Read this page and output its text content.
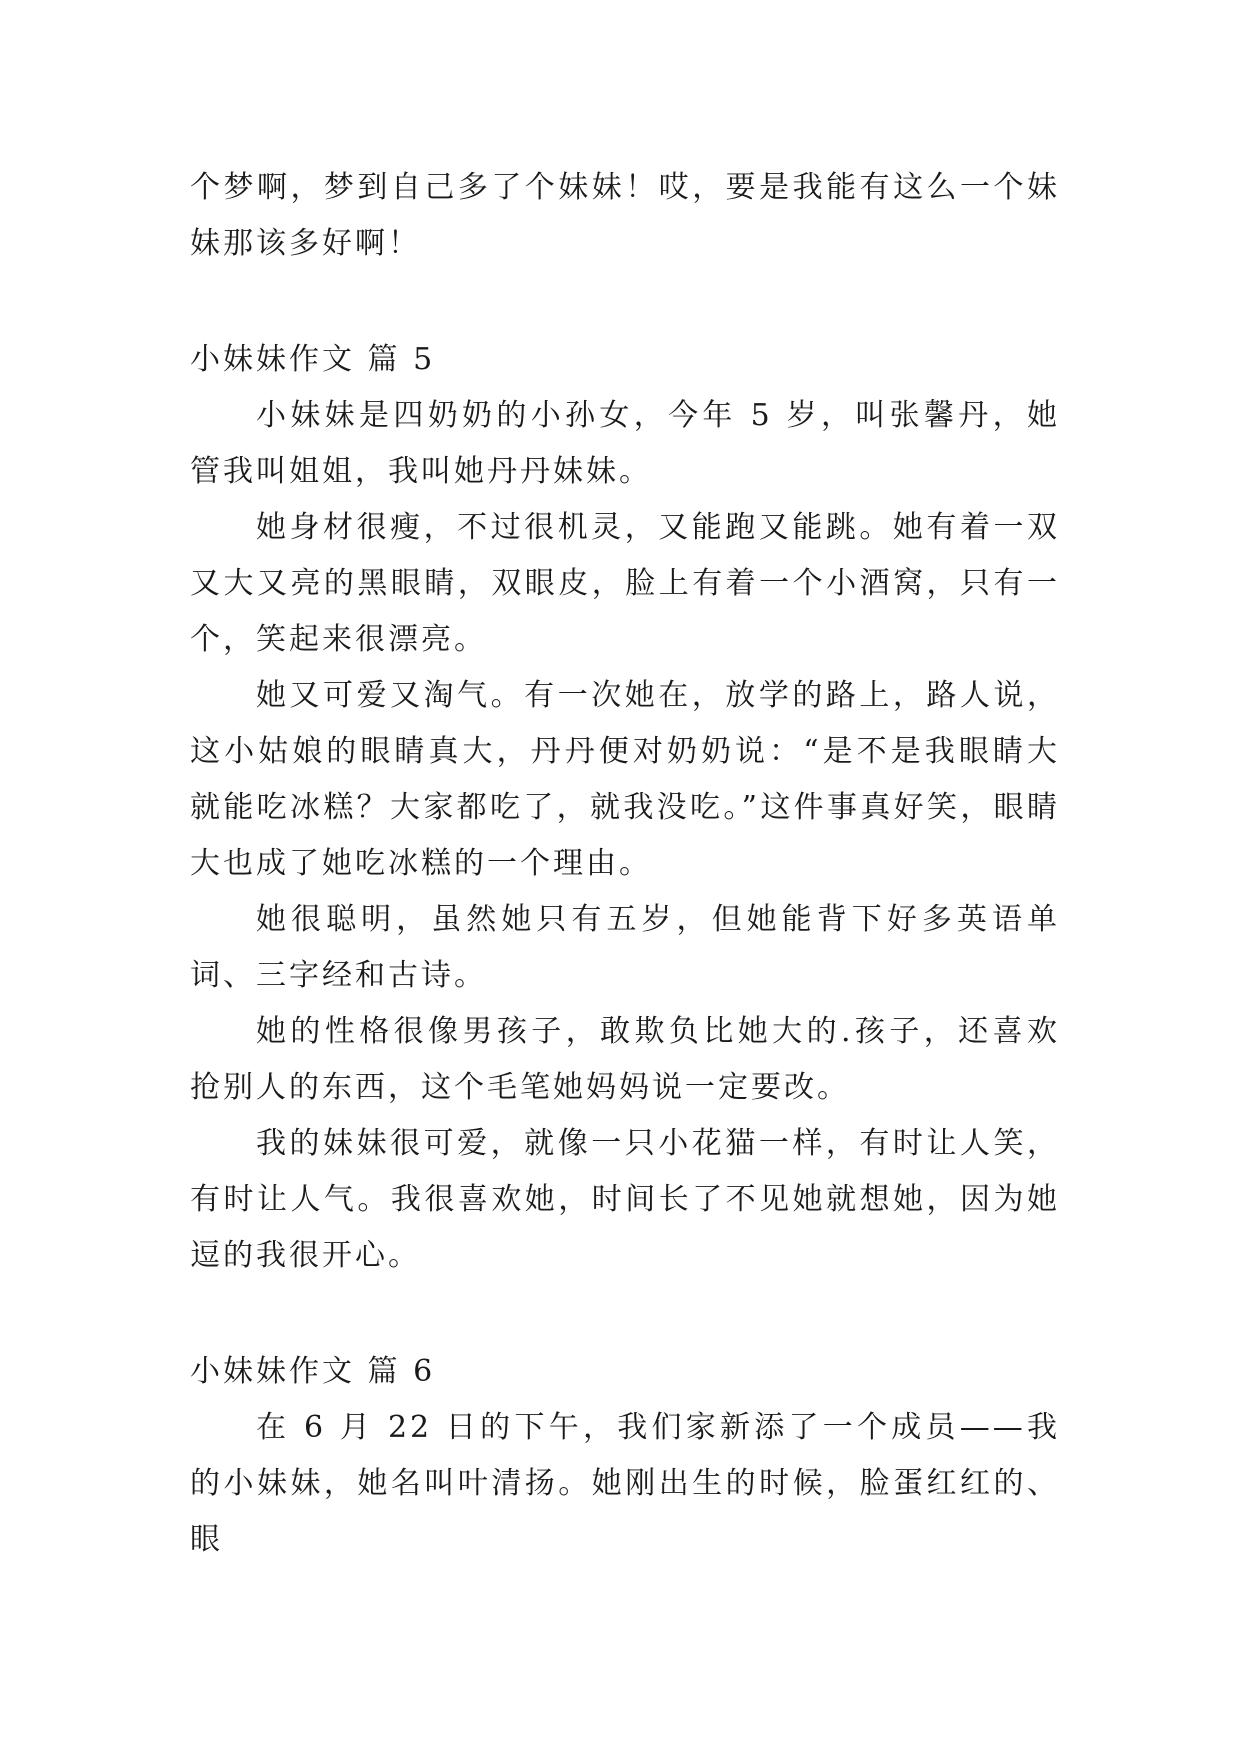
个梦啊，梦到自己多了个妹妹！哎，要是我能有这么一个妹妹那该多好啊！

小妹妹作文 篇 5

小妹妹是四奶奶的小孙女，今年 5 岁，叫张馨丹，她管我叫姐姐，我叫她丹丹妹妹。

她身材很瘦，不过很机灵，又能跑又能跳。她有着一双又大又亮的黑眼睛，双眼皮，脸上有着一个小酒窝，只有一个，笑起来很漂亮。

她又可爱又淘气。有一次她在，放学的路上，路人说，这小姑娘的眼睛真大，丹丹便对奶奶说：“是不是我眼睛大就能吃冰糕？大家都吃了，就我没吃。”这件事真好笑，眼睛大也成了她吃冰糕的一个理由。

她很聪明，虽然她只有五岁，但她能背下好多英语单词、三字经和古诗。

她的性格很像男孩子，敢欺负比她大的.孩子，还喜欢抢别人的东西，这个毛笔她妈妈说一定要改。

我的妹妹很可爱，就像一只小花猫一样，有时让人笑，有时让人气。我很喜欢她，时间长了不见她就想她，因为她逗的我很开心。

小妹妹作文 篇 6

在 6 月 22 日的下午，我们家新添了一个成员——我的小妹妹，她名叫叶清扬。她刚出生的时候，脸蛋红红的、眼
